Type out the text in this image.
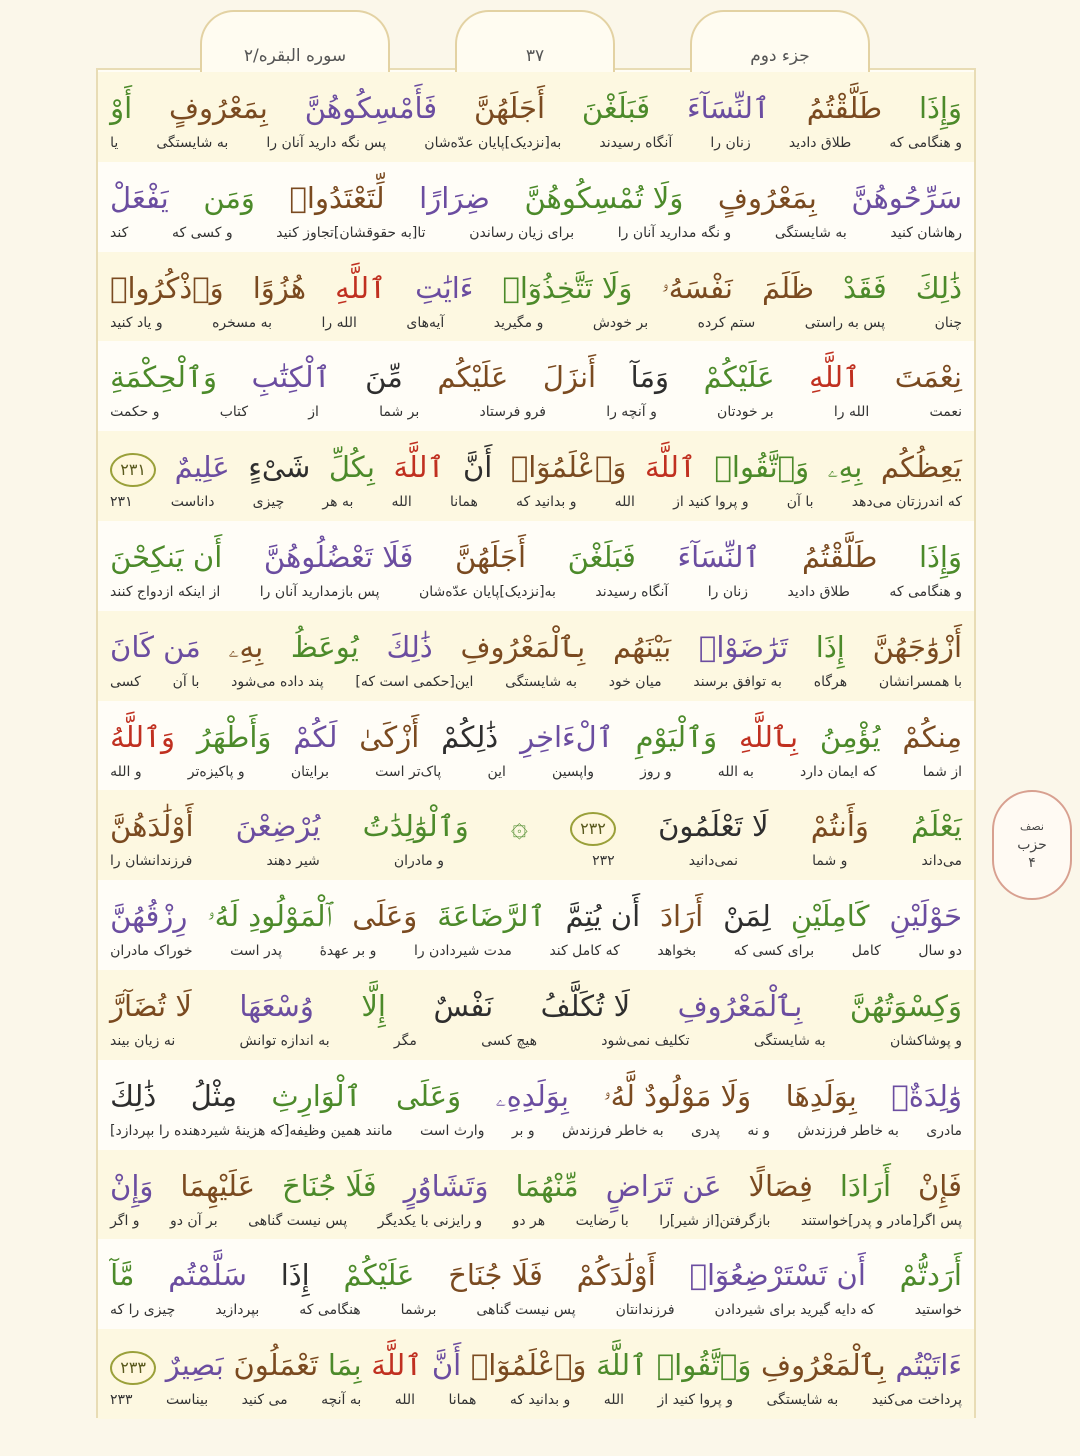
سوره البقره/۲	۳۷	جزء دوم
وَإِذَا
طَلَّقْتُمُ
ٱلنِّسَآءَ
فَبَلَغْنَ
أَجَلَهُنَّ
فَأَمْسِكُوهُنَّ
بِمَعْرُوفٍ
أَوْ
و هنگامی که
طلاق دادید
زنان را
آنگاه رسیدند
به[نزدیک]پایان عدّه‌شان
پس نگه دارید آنان را
به شایستگی
یا
سَرِّحُوهُنَّ
بِمَعْرُوفٍ
وَلَا تُمْسِكُوهُنَّ
ضِرَارًا
لِّتَعْتَدُوا۟
وَمَن
يَفْعَلْ
رهاشان کنید
به شایستگی
و نگه مدارید آنان را
برای زیان رساندن
تا[به حقوقشان]تجاوز کنید
و کسی که
کند
ذَٰلِكَ
فَقَدْ
ظَلَمَ
نَفْسَهُۥ
وَلَا تَتَّخِذُوٓا۟
ءَايَٰتِ
ٱللَّهِ
هُزُوًا
وَٱذْكُرُوا۟
چنان
پس به راستی
ستم کرده
بر خودش
و مگیرید
آیه‌های
الله را
به مسخره
و یاد کنید
نِعْمَتَ
ٱللَّهِ
عَلَيْكُمْ
وَمَآ
أَنزَلَ
عَلَيْكُم
مِّنَ
ٱلْكِتَٰبِ
وَٱلْحِكْمَةِ
نعمت
الله را
بر خودتان
و آنچه را
فرو فرستاد
بر شما
از
کتاب
و حکمت
يَعِظُكُم
بِهِۦ
وَٱتَّقُوا۟
ٱللَّهَ
وَٱعْلَمُوٓا۟
أَنَّ
ٱللَّهَ
بِكُلِّ
شَىْءٍ
عَلِيمٌ
۲۳۱
که اندرزتان می‌دهد
با آن
و پروا کنید از
الله
و بدانید که
همانا
الله
به هر
چیزی
داناست
۲۳۱
وَإِذَا
طَلَّقْتُمُ
ٱلنِّسَآءَ
فَبَلَغْنَ
أَجَلَهُنَّ
فَلَا تَعْضُلُوهُنَّ
أَن يَنكِحْنَ
و هنگامی که
طلاق دادید
زنان را
آنگاه رسیدند
به[نزدیک]پایان عدّه‌شان
پس بازمدارید آنان را
از اینکه ازدواج کنند
أَزْوَٰجَهُنَّ
إِذَا
تَرَٰضَوْا۟
بَيْنَهُم
بِٱلْمَعْرُوفِ
ذَٰلِكَ
يُوعَظُ
بِهِۦ
مَن كَانَ
با همسرانشان
هرگاه
به توافق برسند
میان خود
به شایستگی
این[حکمی است که]
پند داده می‌شود
با آن
کسی
مِنكُمْ
يُؤْمِنُ
بِٱللَّهِ
وَٱلْيَوْمِ
ٱلْءَاخِرِ
ذَٰلِكُمْ
أَزْكَىٰ
لَكُمْ
وَأَطْهَرُ
وَٱللَّهُ
از شما
که ایمان دارد
به الله
و روز
واپسین
این
پاک‌تر است
برایتان
و پاکیزه‌تر
و الله
يَعْلَمُ
وَأَنتُمْ
لَا تَعْلَمُونَ
۲۳۲
۞
وَٱلْوَٰلِدَٰتُ
يُرْضِعْنَ
أَوْلَٰدَهُنَّ
می‌داند
و شما
نمی‌دانید
۲۳۲
و مادران
شیر دهند
فرزندانشان را
حَوْلَيْنِ
كَامِلَيْنِ
لِمَنْ
أَرَادَ
أَن يُتِمَّ
ٱلرَّضَاعَةَ
وَعَلَى
ٱلْمَوْلُودِ لَهُۥ
رِزْقُهُنَّ
دو سال
کامل
برای کسی که
بخواهد
که کامل کند
مدت شیردادن را
و بر عهدهٔ
پدر است
خوراک مادران
وَكِسْوَتُهُنَّ
بِٱلْمَعْرُوفِ
لَا تُكَلَّفُ
نَفْسٌ
إِلَّا
وُسْعَهَا
لَا تُضَآرَّ
و پوشاکشان
به شایستگی
تکلیف نمی‌شود
هیچ کسی
مگر
به اندازه توانش
نه زیان بیند
وَٰلِدَةٌۢ
بِوَلَدِهَا
وَلَا مَوْلُودٌ لَّهُۥ
بِوَلَدِهِۦ
وَعَلَى
ٱلْوَارِثِ
مِثْلُ
ذَٰلِكَ
مادری
به خاطر فرزندش
و نه
پدری
به خاطر فرزندش
و بر
وارث است
مانند همین وظیفه[که هزینهٔ شیردهنده را بپردازد]
فَإِنْ
أَرَادَا
فِصَالًا
عَن تَرَاضٍ
مِّنْهُمَا
وَتَشَاوُرٍ
فَلَا جُنَاحَ
عَلَيْهِمَا
وَإِنْ
پس اگر[مادر و پدر]خواستند
بازگرفتن[از شیر]را
با رضایت
هر دو
و رایزنی با یکدیگر
پس نیست گناهی
بر آن دو
و اگر
أَرَدتُّمْ
أَن تَسْتَرْضِعُوٓا۟
أَوْلَٰدَكُمْ
فَلَا جُنَاحَ
عَلَيْكُمْ
إِذَا
سَلَّمْتُم
مَّآ
خواستید
که دایه گیرید برای شیردادن
فرزندانتان
پس نیست گناهی
برشما
هنگامی که
بپردازید
چیزی را که
ءَاتَيْتُم
بِٱلْمَعْرُوفِ
وَٱتَّقُوا۟
ٱللَّهَ
وَٱعْلَمُوٓا۟
أَنَّ
ٱللَّهَ
بِمَا
تَعْمَلُونَ
بَصِيرٌ
۲۳۳
پرداخت می‌کنید
به شایستگی
و پروا کنید از
الله
و بدانید که
همانا
الله
به آنچه
می کنید
بیناست
۲۳۳
نصف
حزب
۴
